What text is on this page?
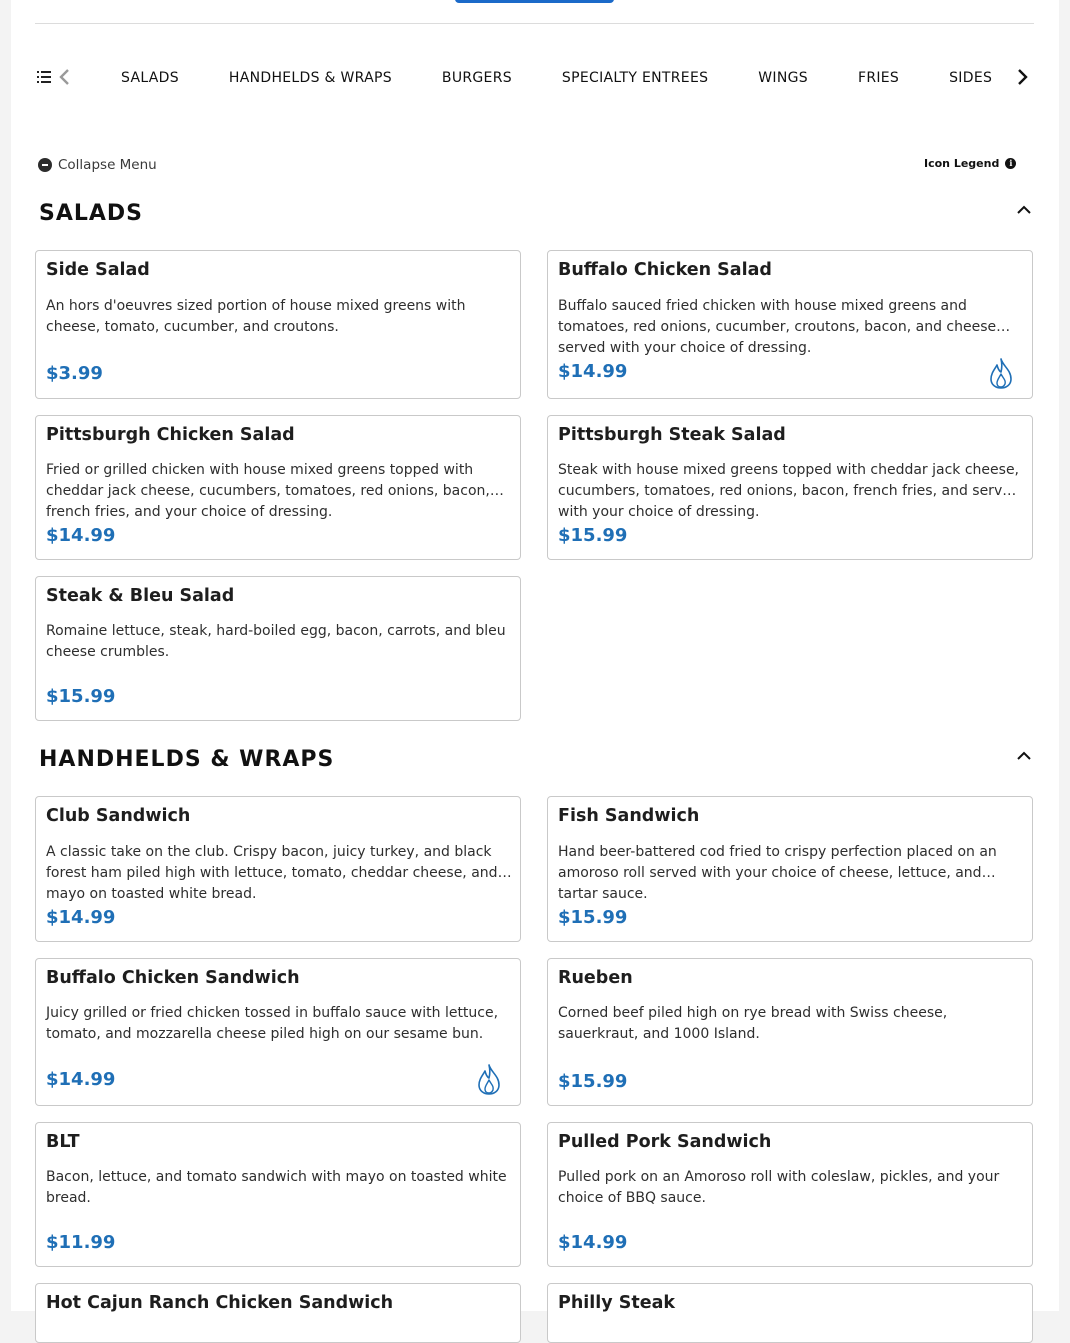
SALADS	HANDHELDS & WRAPS	BURGERS	SPECIALTY ENTREES	WINGS	FRIES	SIDES
Collapse Menu	Icon Legend	i
SALADS
Side Salad
An hors d'oeuvres sized portion of house mixed greens with cheese, tomato, cucumber, and croutons.
$3.99
Buffalo Chicken Salad
Buffalo sauced fried chicken with house mixed greens and tomatoes, red onions, cucumber, croutons, bacon, and cheese served with your choice of dressing.
$14.99
Pittsburgh Chicken Salad
Fried or grilled chicken with house mixed greens topped with cheddar jack cheese, cucumbers, tomatoes, red onions, bacon, french fries, and your choice of dressing.
$14.99
Pittsburgh Steak Salad
Steak with house mixed greens topped with cheddar jack cheese, cucumbers, tomatoes, red onions, bacon, french fries, and served with your choice of dressing.
$15.99
Steak & Bleu Salad
Romaine lettuce, steak, hard-boiled egg, bacon, carrots, and bleu cheese crumbles.
$15.99
HANDHELDS & WRAPS
Club Sandwich
A classic take on the club. Crispy bacon, juicy turkey, and black forest ham piled high with lettuce, tomato, cheddar cheese, and mayo on toasted white bread.
$14.99
Fish Sandwich
Hand beer-battered cod fried to crispy perfection placed on an amoroso roll served with your choice of cheese, lettuce, and tartar sauce.
$15.99
Buffalo Chicken Sandwich
Juicy grilled or fried chicken tossed in buffalo sauce with lettuce, tomato, and mozzarella cheese piled high on our sesame bun.
$14.99
Rueben
Corned beef piled high on rye bread with Swiss cheese, sauerkraut, and 1000 Island.
$15.99
BLT
Bacon, lettuce, and tomato sandwich with mayo on toasted white bread.
$11.99
Pulled Pork Sandwich
Pulled pork on an Amoroso roll with coleslaw, pickles, and your choice of BBQ sauce.
$14.99
Hot Cajun Ranch Chicken Sandwich	Philly Steak
